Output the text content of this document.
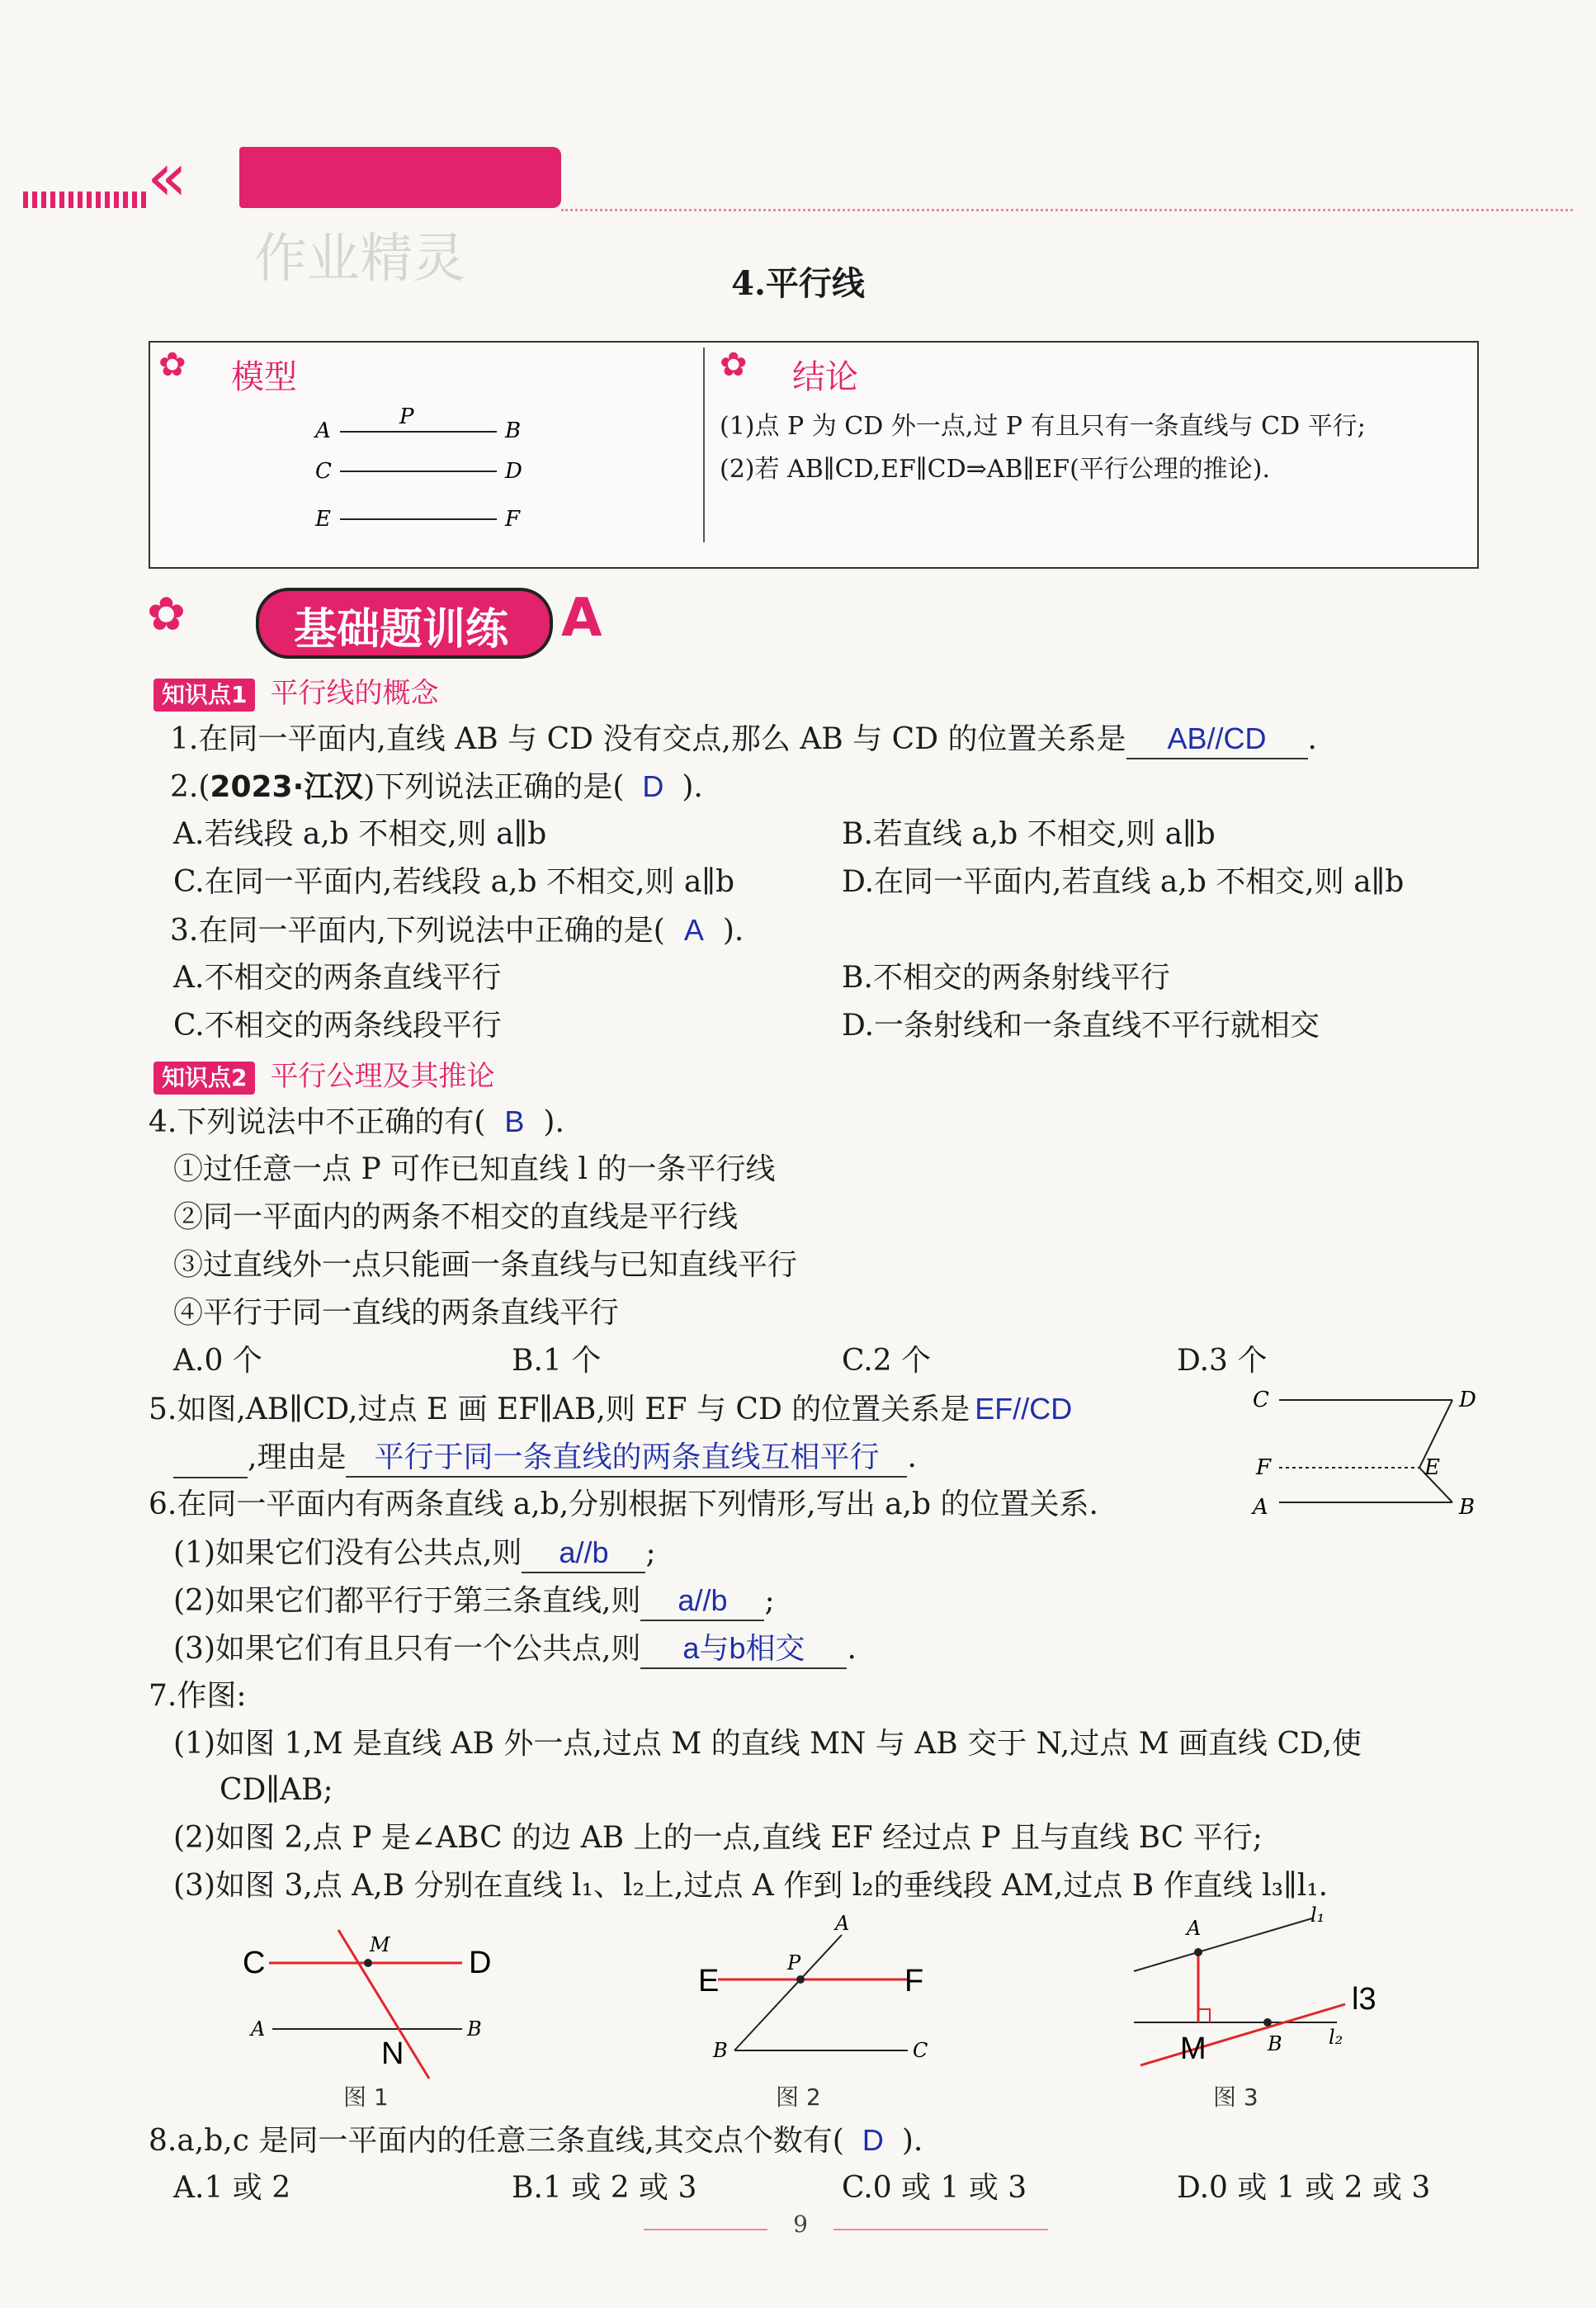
«
作业精灵	4.平行线
✿ 模型
A
P
B
C	D
E	F
✿ 结论
(1)点 P 为 CD 外一点,过 P 有且只有一条直线与 CD 平行;
(2)若 AB∥CD,EF∥CD⇒AB∥EF(平行公理的推论).
✿	基础题训练	A
知识点1 平行线的概念
1.在同一平面内,直线 AB 与 CD 没有交点,那么 AB 与 CD 的位置关系是 AB//CD .
2.(2023·江汉)下列说法正确的是( D ).
A.若线段 a,b 不相交,则 a∥b	B.若直线 a,b 不相交,则 a∥b
C.在同一平面内,若线段 a,b 不相交,则 a∥b	D.在同一平面内,若直线 a,b 不相交,则 a∥b
3.在同一平面内,下列说法中正确的是( A ).
A.不相交的两条直线平行	B.不相交的两条射线平行
C.不相交的两条线段平行	D.一条射线和一条直线不平行就相交
知识点2 平行公理及其推论
4.下列说法中不正确的有( B ).
①过任意一点 P 可作已知直线 l 的一条平行线
②同一平面内的两条不相交的直线是平行线
③过直线外一点只能画一条直线与已知直线平行
④平行于同一直线的两条直线平行
A.0 个	B.1 个	C.2 个	D.3 个
5.如图,AB∥CD,过点 E 画 EF∥AB,则 EF 与 CD 的位置关系是 EF//CD
,理由是 平行于同一条直线的两条直线互相平行 .
C	D
F	E
A	B
6.在同一平面内有两条直线 a,b,分别根据下列情形,写出 a,b 的位置关系.
(1)如果它们没有公共点,则 a//b ;
(2)如果它们都平行于第三条直线,则 a//b ;
(3)如果它们有且只有一个公共点,则 a与b相交 .
7.作图:
(1)如图 1,M 是直线 AB 外一点,过点 M 的直线 MN 与 AB 交于 N,过点 M 画直线 CD,使
CD∥AB;
(2)如图 2,点 P 是∠ABC 的边 AB 上的一点,直线 EF 经过点 P 且与直线 BC 平行;
(3)如图 3,点 A,B 分别在直线 l₁、l₂上,过点 A 作到 l₂的垂线段 AM,过点 B 作直线 l₃∥l₁.
C	D
M
A	B
N
图 1
A
P
E	F
B	C
图 2
A
l₁
l3
l₂
M	B
图 3
8.a,b,c 是同一平面内的任意三条直线,其交点个数有( D ).
A.1 或 2	B.1 或 2 或 3	C.0 或 1 或 3	D.0 或 1 或 2 或 3
9
